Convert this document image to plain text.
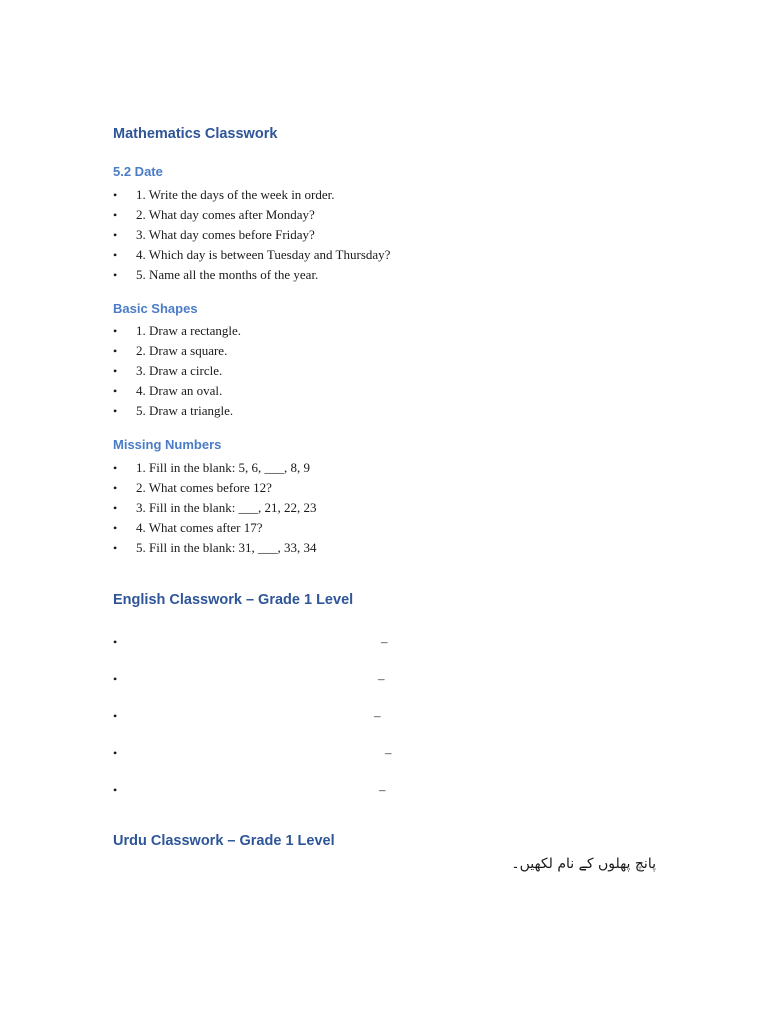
Mathematics Classwork
5.2 Date
• 1. Write the days of the week in order.
• 2. What day comes after Monday?
• 3. What day comes before Friday?
• 4. Which day is between Tuesday and Thursday?
• 5. Name all the months of the year.
Basic Shapes
• 1. Draw a rectangle.
• 2. Draw a square.
• 3. Draw a circle.
• 4. Draw an oval.
• 5. Draw a triangle.
Missing Numbers
• 1. Fill in the blank: 5, 6, ___, 8, 9
• 2. What comes before 12?
• 3. Fill in the blank: ___, 21, 22, 23
• 4. What comes after 17?
• 5. Fill in the blank: 31, ___, 33, 34
English Classwork – Grade 1 Level
•	–
•	–
•	–
•	–
•	–
Urdu Classwork – Grade 1 Level
پانچ پھلوں کے نام لکھیں۔
